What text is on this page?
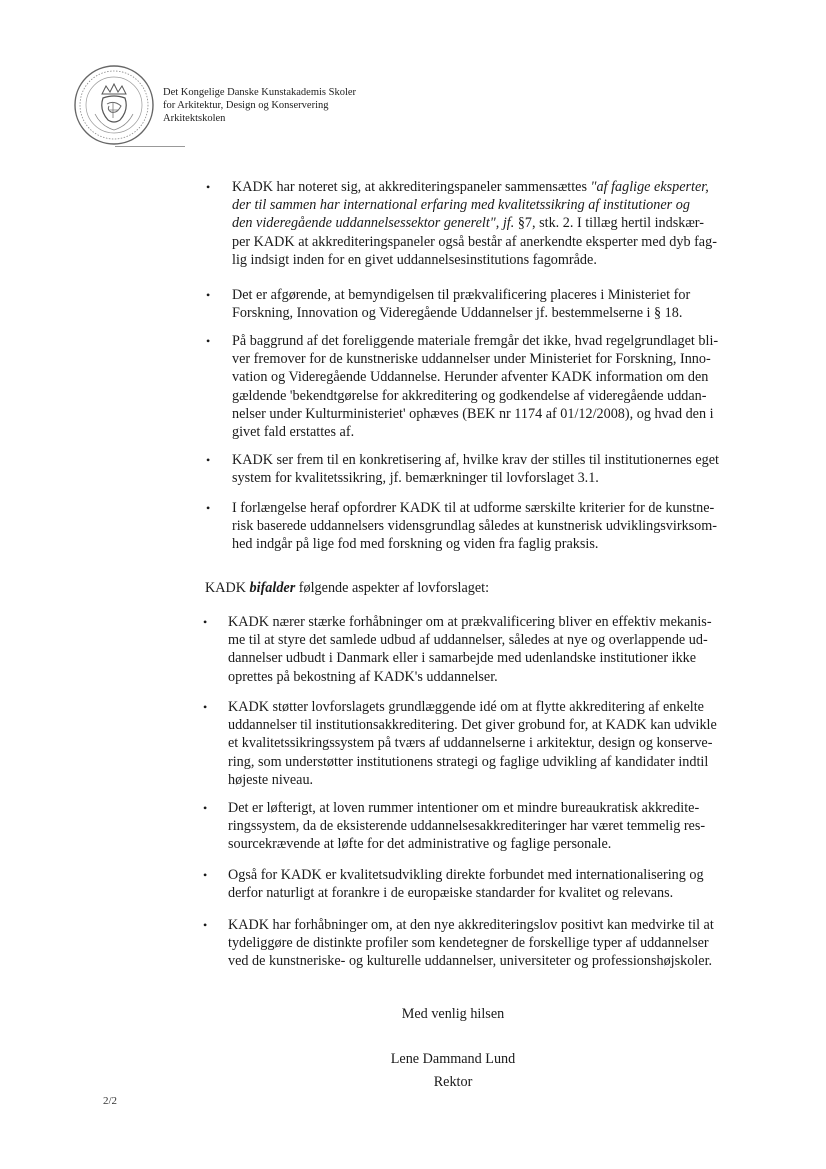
Det Kongelige Danske Kunstakademis Skoler
for Arkitektur, Design og Konservering
Arkitektskolen
• KADK har noteret sig, at akkrediteringspaneler sammensættes "af faglige eksperter,
der til sammen har international erfaring med kvalitetssikring af institutioner og
den videregående uddannelsessektor generelt", jf. §7, stk. 2. I tillæg hertil indskær-
per KADK at akkrediteringspaneler også består af anerkendte eksperter med dyb fag-
lig indsigt inden for en givet uddannelsesinstitutions fagområde.
• Det er afgørende, at bemyndigelsen til prækvalificering placeres i Ministeriet for
Forskning, Innovation og Videregående Uddannelser jf. bestemmelserne i § 18.
• På baggrund af det foreliggende materiale fremgår det ikke, hvad regelgrundlaget bli-
ver fremover for de kunstneriske uddannelser under Ministeriet for Forskning, Inno-
vation og Videregående Uddannelse. Herunder afventer KADK information om den
gældende 'bekendtgørelse for akkreditering og godkendelse af videregående uddan-
nelser under Kulturministeriet' ophæves (BEK nr 1174 af 01/12/2008), og hvad den i
givet fald erstattes af.
• KADK ser frem til en konkretisering af, hvilke krav der stilles til institutionernes eget
system for kvalitetssikring, jf. bemærkninger til lovforslaget 3.1.
• I forlængelse heraf opfordrer KADK til at udforme særskilte kriterier for de kunstne-
risk baserede uddannelsers vidensgrundlag således at kunstnerisk udviklingsvirksom-
hed indgår på lige fod med forskning og viden fra faglig praksis.
• KADK nærer stærke forhåbninger om at prækvalificering bliver en effektiv mekanis-
me til at styre det samlede udbud af uddannelser, således at nye og overlappende ud-
dannelser udbudt i Danmark eller i samarbejde med udenlandske institutioner ikke
oprettes på bekostning af KADK's uddannelser.
• KADK støtter lovforslagets grundlæggende idé om at flytte akkreditering af enkelte
uddannelser til institutionsakkreditering. Det giver grobund for, at KADK kan udvikle
et kvalitetssikringssystem på tværs af uddannelserne i arkitektur, design og konserve-
ring, som understøtter institutionens strategi og faglige udvikling af kandidater indtil
højeste niveau.
• Det er løfterigt, at loven rummer intentioner om et mindre bureaukratisk akkredite-
ringssystem, da de eksisterende uddannelsesakkrediteringer har været temmelig res-
sourcekrævende at løfte for det administrative og faglige personale.
• Også for KADK er kvalitetsudvikling direkte forbundet med internationalisering og
derfor naturligt at forankre i de europæiske standarder for kvalitet og relevans.
• KADK har forhåbninger om, at den nye akkrediteringslov positivt kan medvirke til at
tydeliggøre de distinkte profiler som kendetegner de forskellige typer af uddannelser
ved de kunstneriske- og kulturelle uddannelser, universiteter og professionshøjskoler.
KADK bifalder følgende aspekter af lovforslaget:
Med venlig hilsen
Lene Dammand Lund
Rektor
2/2
